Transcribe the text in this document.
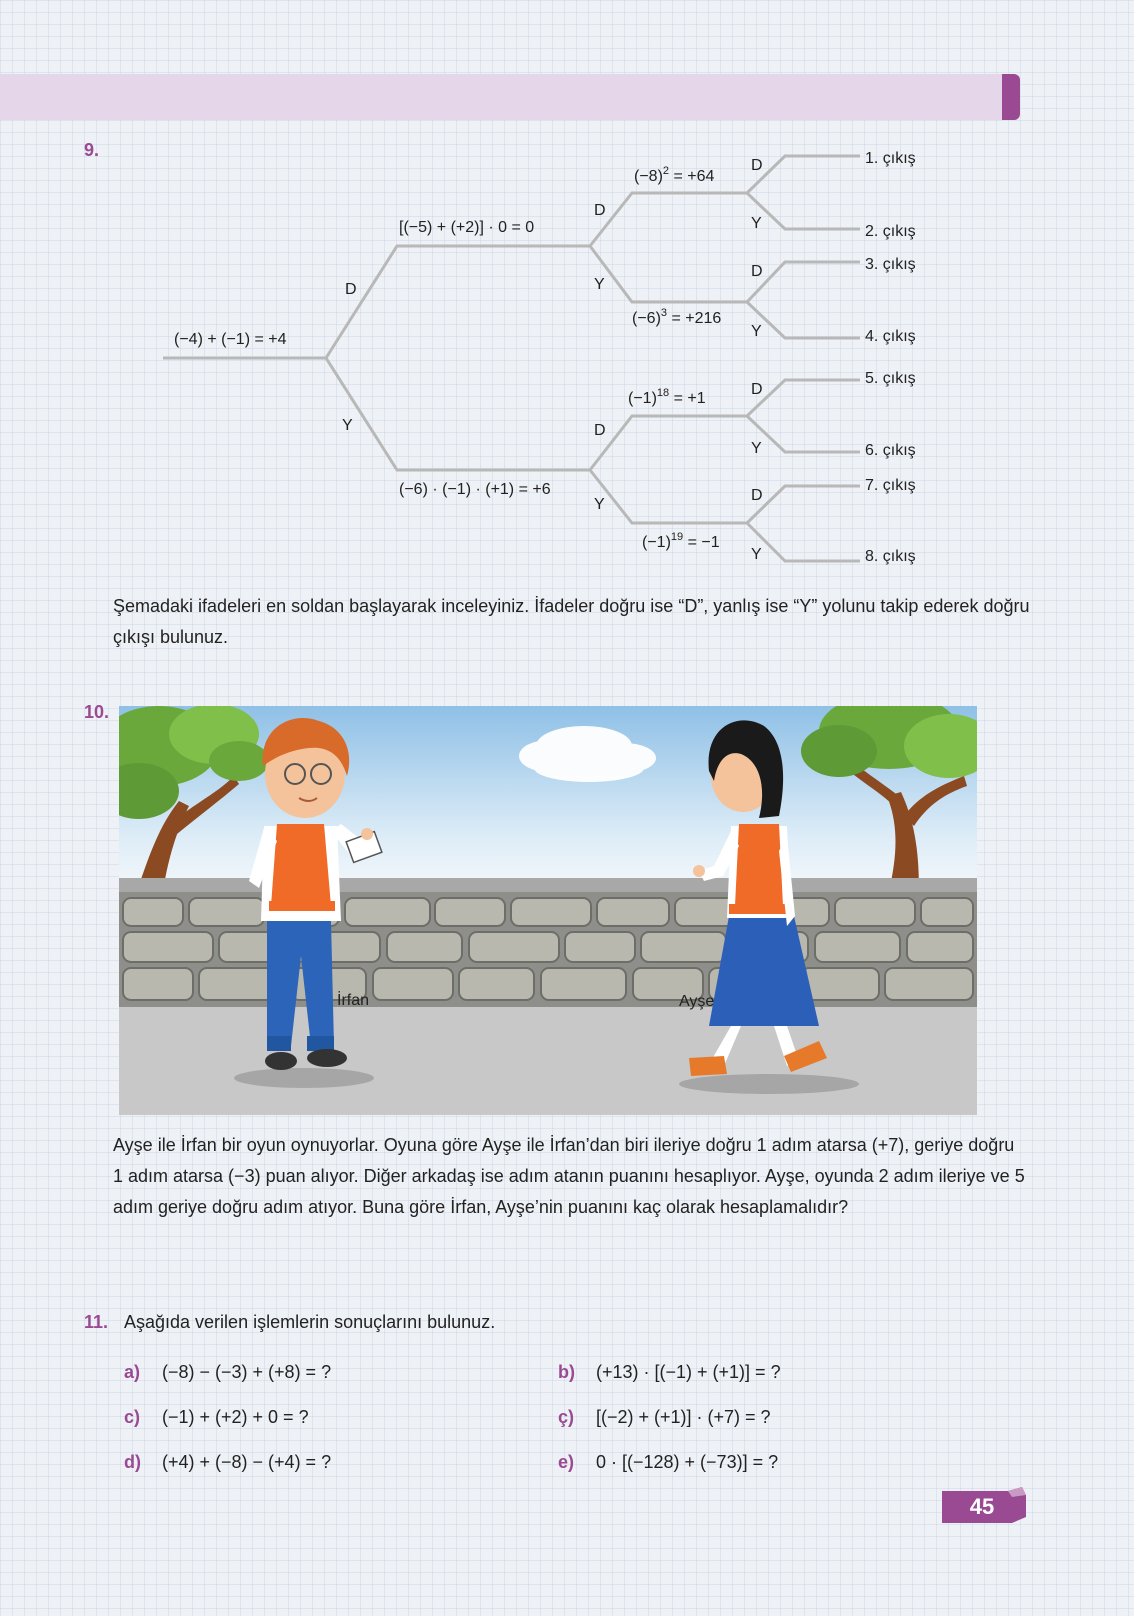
9.
(−4) + (−1) = +4
[(−5) + (+2)] · 0 = 0
(−6) · (−1) · (+1) = +6
$(-8)^2 = +64$
$(-6)^3 = +216$
$(-1)^{18} = +1$
$(-1)^{19} = -1$
D
Y
D
Y
D
Y
D
Y
D
Y
D
Y
D
Y
1. çıkış
2. çıkış
3. çıkış
4. çıkış
5. çıkış
6. çıkış
7. çıkış
8. çıkış
Şemadaki ifadeleri en soldan başlayarak inceleyiniz. İfadeler doğru ise “D”, yanlış ise “Y” yolunu takip ederek doğru çıkışı bulunuz.
10.
İrfan	Ayşe
Ayşe ile İrfan bir oyun oynuyorlar. Oyuna göre Ayşe ile İrfan’dan biri ileriye doğru 1 adım atarsa (+7), geriye doğru 1 adım atarsa (−3) puan alıyor. Diğer arkadaş ise adım atanın puanını hesaplıyor. Ayşe, oyunda 2 adım ileriye ve 5 adım geriye doğru adım atıyor. Buna göre İrfan, Ayşe’nin puanını kaç olarak hesaplamalıdır?
11. Aşağıda verilen işlemlerin sonuçlarını bulunuz.
a) (−8) − (−3) + (+8) = ?	b) (+13) · [(−1) + (+1)] = ?
c) (−1) + (+2) + 0 = ?	ç) [(−2) + (+1)] · (+7) = ?
d) (+4) + (−8) − (+4) = ?	e) 0 · [(−128) + (−73)] = ?
45
